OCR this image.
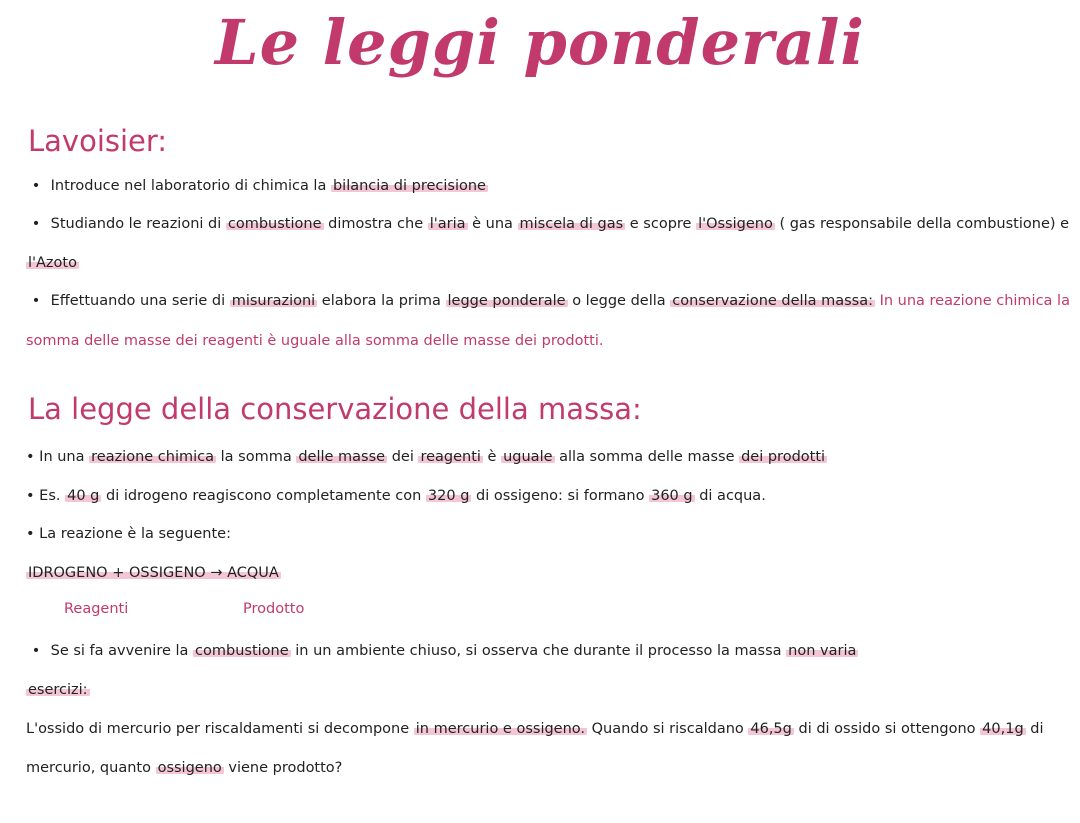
Le leggi ponderali
Lavoisier:

• Introduce nel laboratorio di chimica la bilancia di precisione

• Studiando le reazioni di combustione dimostra che l'aria è una miscela di gas e scopre l'Ossigeno ( gas responsabile della combustione) e

l'Azoto

• Effettuando una serie di misurazioni elabora la prima legge ponderale o legge della conservazione della massa: In una reazione chimica la

somma delle masse dei reagenti è uguale alla somma delle masse dei prodotti.

La legge della conservazione della massa:

• In una reazione chimica la somma delle masse dei reagenti è uguale alla somma delle masse dei prodotti

• Es. 40 g di idrogeno reagiscono completamente con 320 g di ossigeno: si formano 360 g di acqua.

• La reazione è la seguente:

IDROGENO + OSSIGENO → ACQUA

Reagenti	Prodotto

• Se si fa avvenire la combustione in un ambiente chiuso, si osserva che durante il processo la massa non varia

esercizi:

L'ossido di mercurio per riscaldamenti si decompone in mercurio e ossigeno. Quando si riscaldano 46,5g di di ossido si ottengono 40,1g di

mercurio, quanto ossigeno viene prodotto?
